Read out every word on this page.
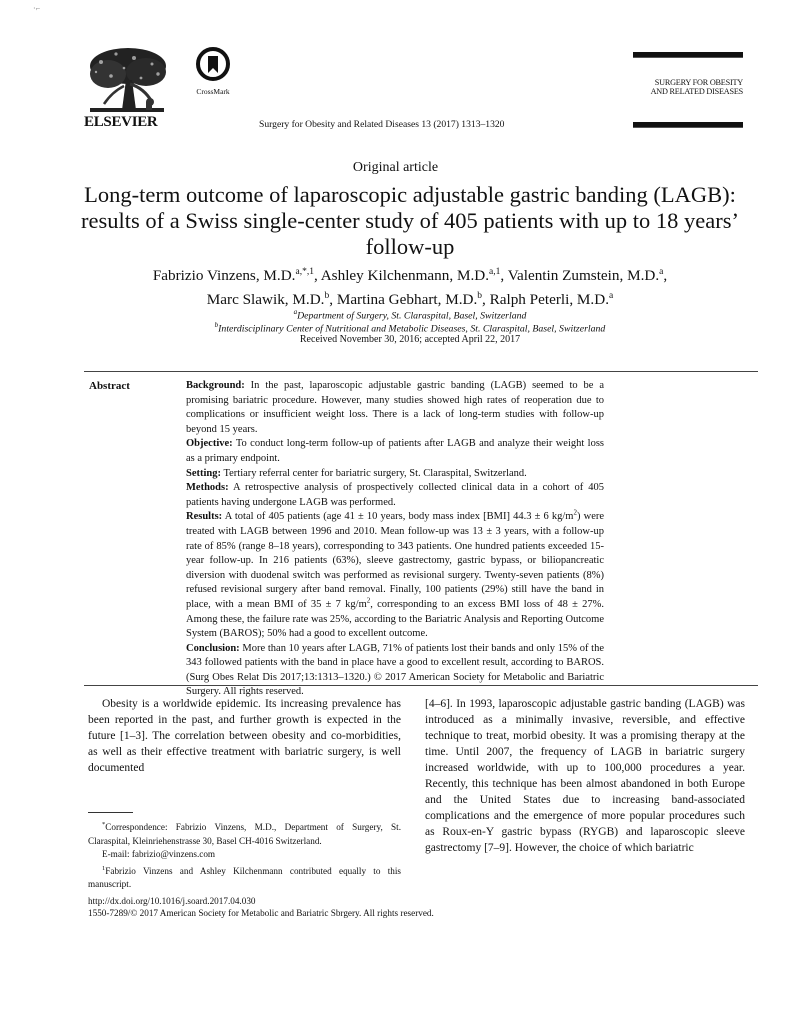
·⌐
ELSEVIER
CrossMark
Surgery for Obesity and Related Diseases 13 (2017) 1313–1320
SURGERY FOR OBESITY
AND RELATED DISEASES
Original article
Long-term outcome of laparoscopic adjustable gastric banding (LAGB): results of a Swiss single-center study of 405 patients with up to 18 years’ follow-up
Fabrizio Vinzens, M.D.$^{a,*,1}$, Ashley Kilchenmann, M.D.$^{a,1}$, Valentin Zumstein, M.D.$^a$,
Marc Slawik, M.D.$^b$, Martina Gebhart, M.D.$^b$, Ralph Peterli, M.D.$^a$
$^a$Department of Surgery, St. Claraspital, Basel, Switzerland
$^b$Interdisciplinary Center of Nutritional and Metabolic Diseases, St. Claraspital, Basel, Switzerland
Received November 30, 2016; accepted April 22, 2017
Abstract	Background: In the past, laparoscopic adjustable gastric banding (LAGB) seemed to be a promising bariatric procedure. However, many studies showed high rates of reoperation due to complications or insufficient weight loss. There is a lack of long-term studies with follow-up beyond 15 years.

Objective: To conduct long-term follow-up of patients after LAGB and analyze their weight loss as a primary endpoint.

Setting: Tertiary referral center for bariatric surgery, St. Claraspital, Switzerland.

Methods: A retrospective analysis of prospectively collected clinical data in a cohort of 405 patients having undergone LAGB was performed.

Results: A total of 405 patients (age 41 ± 10 years, body mass index [BMI] 44.3 ± 6 $kg/m^2$) were treated with LAGB between 1996 and 2010. Mean follow-up was 13 ± 3 years, with a follow-up rate of 85% (range 8–18 years), corresponding to 343 patients. One hundred patients exceeded 15-year follow-up. In 216 patients (63%), sleeve gastrectomy, gastric bypass, or biliopancreatic diversion with duodenal switch was performed as revisional surgery. Twenty-seven patients (8%) refused revisional surgery after band removal. Finally, 100 patients (29%) still have the band in place, with a mean BMI of 35 ± 7 $kg/m^2$, corresponding to an excess BMI loss of 48 ± 27%. Among these, the failure rate was 25%, according to the Bariatric Analysis and Reporting Outcome System (BAROS); 50% had a good to excellent outcome.

Conclusion: More than 10 years after LAGB, 71% of patients lost their bands and only 15% of the 343 followed patients with the band in place have a good to excellent result, according to BAROS. (Surg Obes Relat Dis 2017;13:1313–1320.) © 2017 American Society for Metabolic and Bariatric Surgery. All rights reserved.

Obesity is a worldwide epidemic. Its increasing prevalence has been reported in the past, and further growth is expected in the future [1–3]. The correlation between obesity and co-morbidities, as well as their effective treatment with bariatric surgery, is well documented

[4–6]. In 1993, laparoscopic adjustable gastric banding (LAGB) was introduced as a minimally invasive, reversible, and effective technique to treat, morbid obesity. It was a promising therapy at the time. Until 2007, the frequency of LAGB in bariatric surgery increased worldwide, with up to 100,000 procedures a year. Recently, this technique has been almost abandoned in both Europe and the United States due to increasing band-associated complications and the emergence of more popular procedures such as Roux-en-Y gastric bypass (RYGB) and laparoscopic sleeve gastrectomy [7–9]. However, the choice of which bariatric

*Correspondence: Fabrizio Vinzens, M.D., Department of Surgery, St. Claraspital, Kleinriehenstrasse 30, Basel CH-4016 Switzerland.

E-mail: fabrizio@vinzens.com

$^1$Fabrizio Vinzens and Ashley Kilchenmann contributed equally to this manuscript.

http://dx.doi.org/10.1016/j.soard.2017.04.030
1550-7289/© 2017 American Society for Metabolic and Bariatric Sbrgery. All rights reserved.
